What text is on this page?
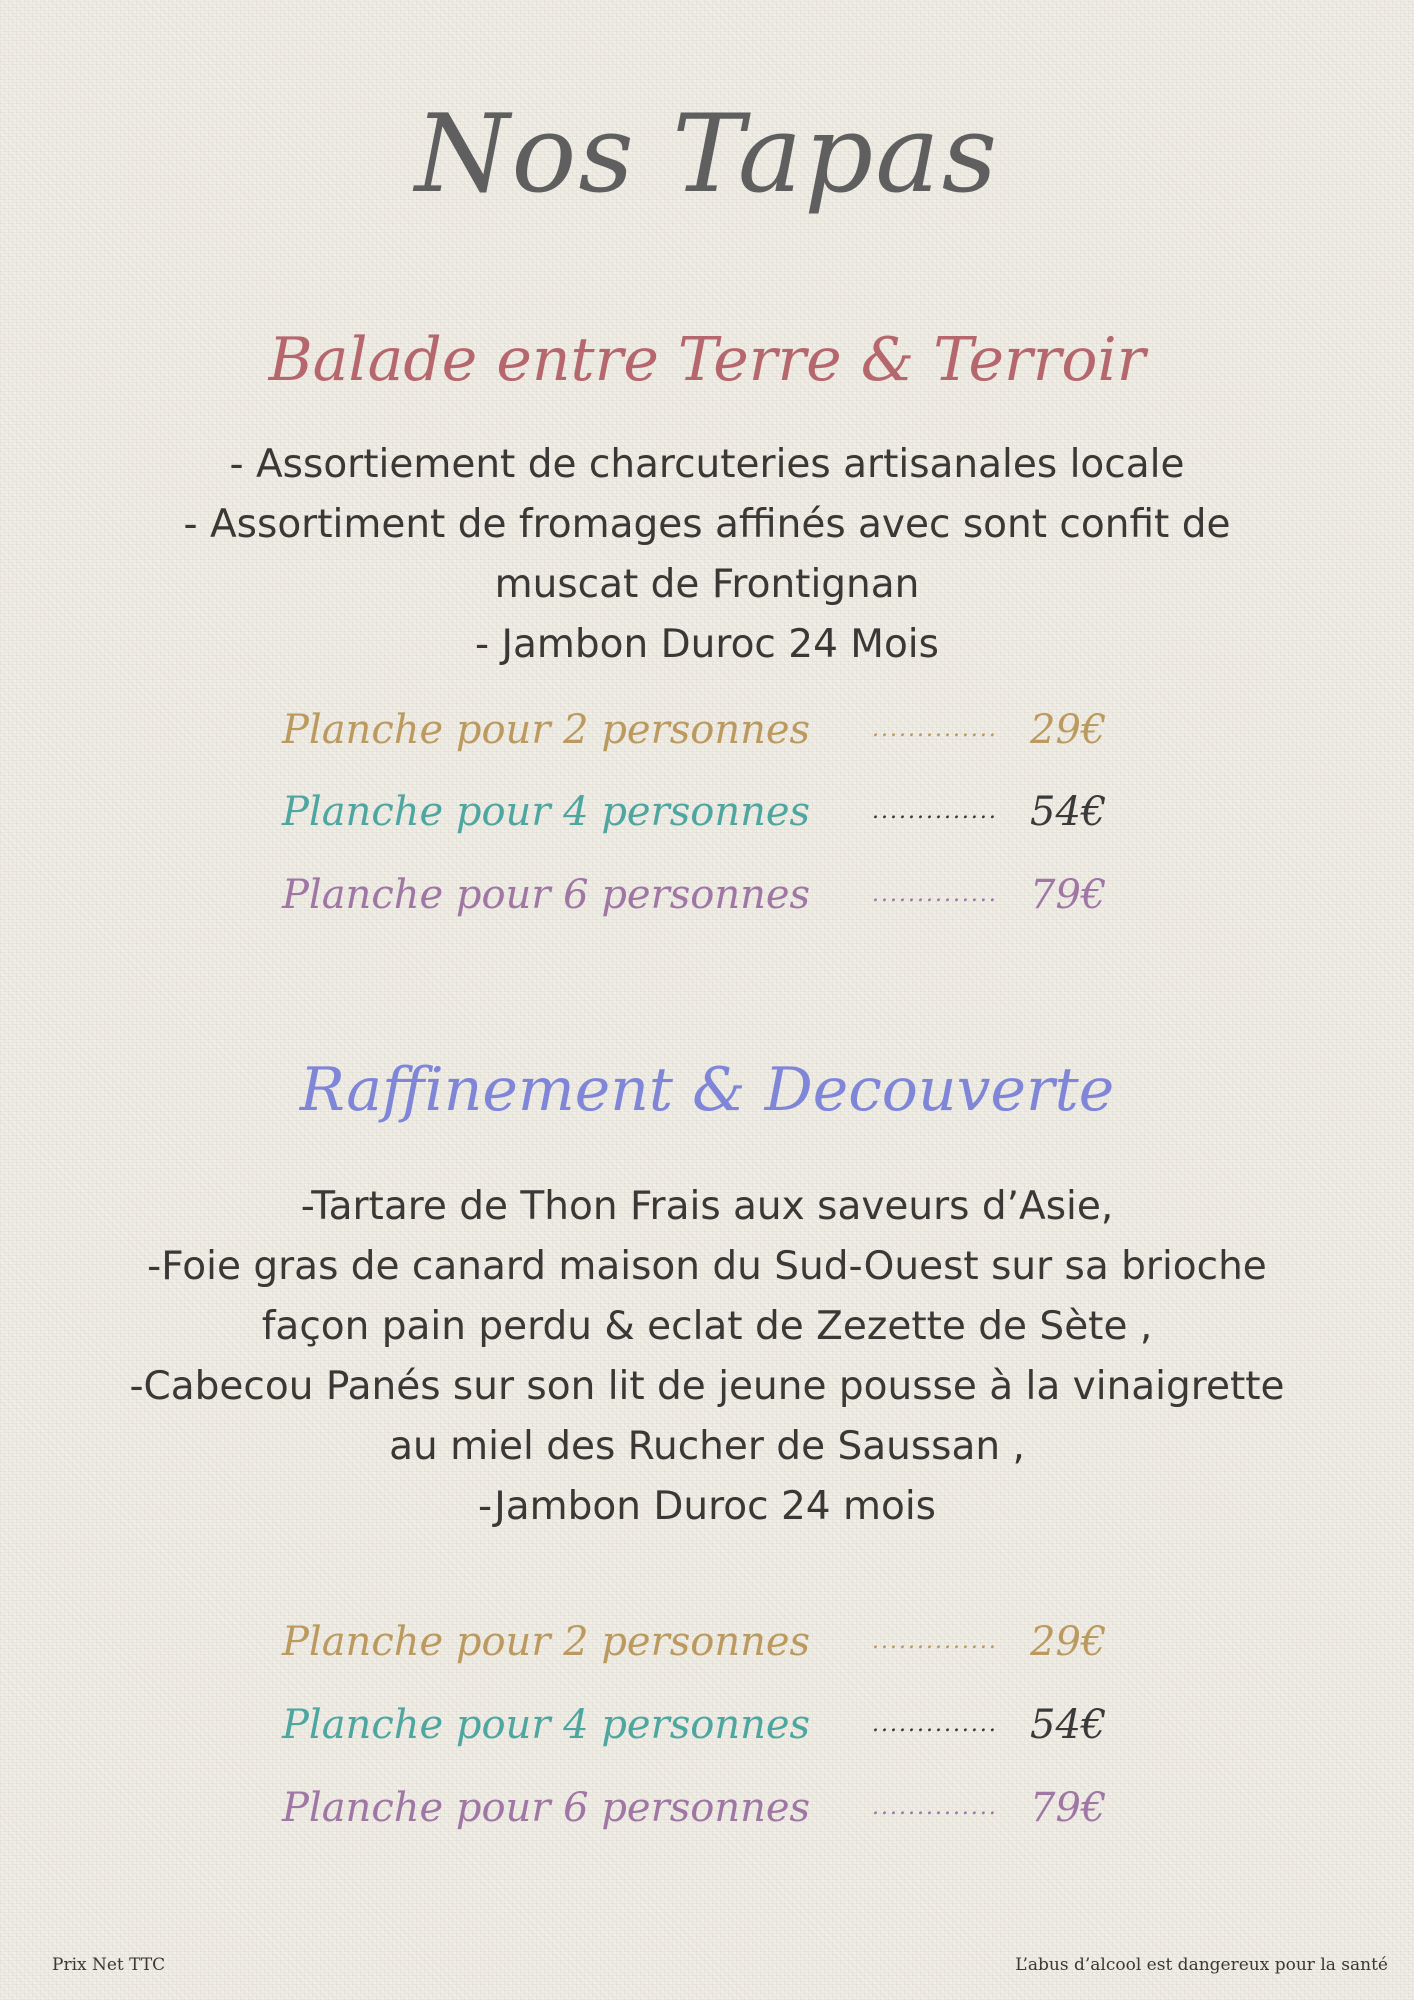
Nos Tapas
Balade entre Terre & Terroir
- Assortiement de charcuteries artisanales locale
- Assortiment de fromages affinés avec sont confit de
muscat de Frontignan
- Jambon Duroc 24 Mois
Planche pour 2 personnes	.............. 29€
Planche pour 4 personnes	.............. 54€
Planche pour 6 personnes	.............. 79€
Raffinement & Decouverte
-Tartare de Thon Frais aux saveurs d’Asie,
-Foie gras de canard maison du Sud-Ouest sur sa brioche
façon pain perdu & eclat de Zezette de Sète ,
-Cabecou Panés sur son lit de jeune pousse à la vinaigrette
au miel des Rucher de Saussan ,
-Jambon Duroc 24 mois
Planche pour 2 personnes	.............. 29€
Planche pour 4 personnes	.............. 54€
Planche pour 6 personnes	.............. 79€
Prix Net TTC	L’abus d’alcool est dangereux pour la santé
